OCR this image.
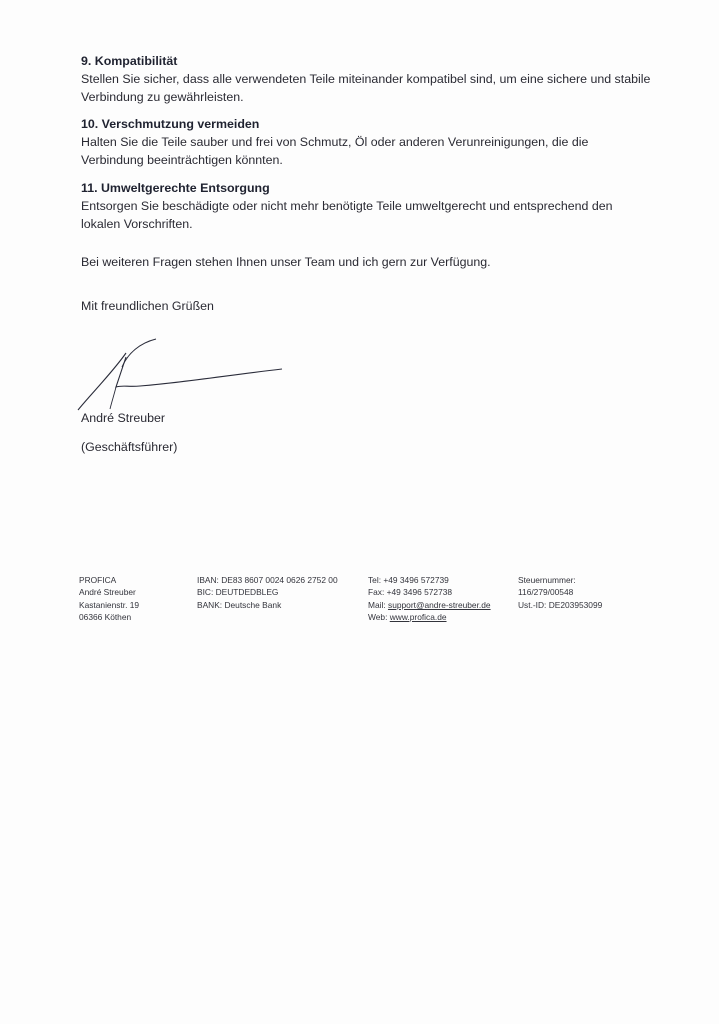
9. Kompatibilität
Stellen Sie sicher, dass alle verwendeten Teile miteinander kompatibel sind, um eine sichere und stabile Verbindung zu gewährleisten.
10. Verschmutzung vermeiden
Halten Sie die Teile sauber und frei von Schmutz, Öl oder anderen Verunreinigungen, die die Verbindung beeinträchtigen könnten.
11. Umweltgerechte Entsorgung
Entsorgen Sie beschädigte oder nicht mehr benötigte Teile umweltgerecht und entsprechend den lokalen Vorschriften.
Bei weiteren Fragen stehen Ihnen unser Team und ich gern zur Verfügung.
Mit freundlichen Grüßen
André Streuber
(Geschäftsführer)
PROFICA
André Streuber
Kastanienstr. 19
06366 Köthen
IBAN: DE83 8607 0024 0626 2752 00
BIC: DEUTDEDBLEG
BANK: Deutsche Bank
Tel: +49 3496 572739
Fax: +49 3496 572738
Mail: support@andre-streuber.de
Web: www.profica.de
Steuernummer:
116/279/00548
Ust.-ID: DE203953099
